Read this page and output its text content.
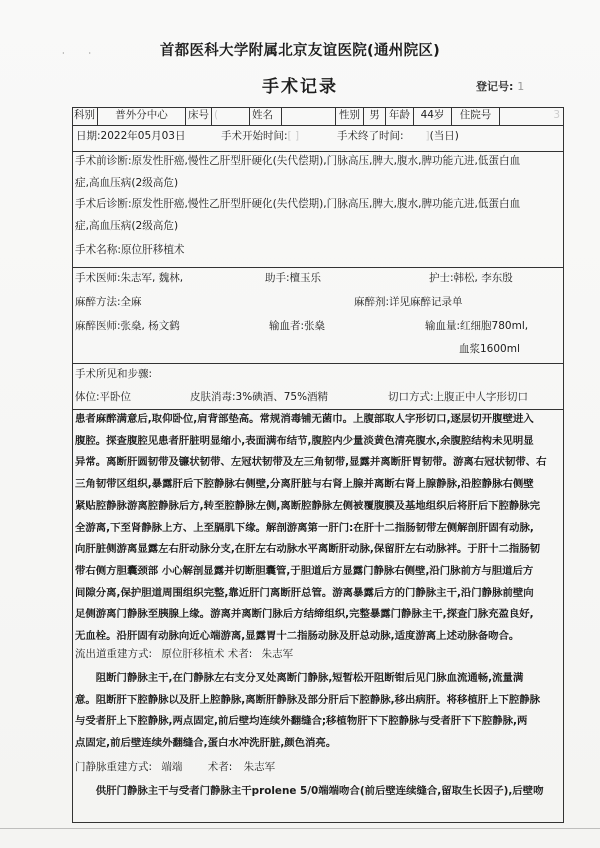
··	首都医科大学附属北京友谊医院(通州院区)
手术记录	登记号: 1
科别	普外分中心	床号 (	姓名	性别 男 年龄	44岁	住院号	3
日期:2022年05月03日	手术开始时间:[ ]	手术终了时间: ](当日)
手术前诊断:原发性肝癌,慢性乙肝型肝硬化(失代偿期),门脉高压,脾大,腹水,脾功能亢进,低蛋白血
症,高血压病(2级高危)
手术后诊断:原发性肝癌,慢性乙肝型肝硬化(失代偿期),门脉高压,脾大,腹水,脾功能亢进,低蛋白血
症,高血压病(2级高危)
手术名称:原位肝移植术
手术医师:朱志军, 魏林,	助手:檀玉乐	护士:韩松, 李东殷
麻醉方法:全麻	麻醉剂:详见麻醉记录单
麻醉医师:张燊, 杨文鹤	输血者:张燊	输血量:红细胞780ml,
血浆1600ml
手术所见和步骤:
体位:平卧位	皮肤消毒:3%碘酒、75%酒精	切口方式:上腹正中人字形切口
患者麻醉满意后,取仰卧位,肩背部垫高。常规消毒铺无菌巾。上腹部取人字形切口,逐层切开腹壁进入
腹腔。探查腹腔见患者肝脏明显缩小,表面满布结节,腹腔内少量淡黄色清亮腹水,余腹腔结构未见明显
异常。离断肝圆韧带及镰状韧带、左冠状韧带及左三角韧带,显露并离断肝胃韧带。游离右冠状韧带、右
三角韧带区组织,暴露肝后下腔静脉右侧壁,分离肝脏与右肾上腺并离断右肾上腺静脉,沿腔静脉右侧壁
紧贴腔静脉游离腔静脉后方,转至腔静脉左侧,离断腔静脉左侧被覆腹膜及基地组织后将肝后下腔静脉完
全游离,下至肾静脉上方、上至膈肌下缘。解剖游离第一肝门:在肝十二指肠韧带左侧解剖肝固有动脉,
向肝脏侧游离显露左右肝动脉分支,在肝左右动脉水平离断肝动脉,保留肝左右动脉袢。于肝十二指肠韧
带右侧方胆囊颈部 小心解剖显露并切断胆囊管,于胆道后方显露门静脉右侧壁,沿门脉前方与胆道后方
间隙分离,保护胆道周围组织完整,靠近肝门离断肝总管。游离暴露后方的门静脉主干,沿门静脉前壁向
足侧游离门静脉至胰腺上缘。游离并离断门脉后方结缔组织,完整暴露门静脉主干,探查门脉充盈良好,
无血栓。沿肝固有动脉向近心端游离,显露胃十二指肠动脉及肝总动脉,适度游离上述动脉备吻合。
流出道重建方式: 原位肝移植术 术者: 朱志军
　　阻断门静脉主干,在门静脉左右支分叉处离断门静脉,短暂松开阻断钳后见门脉血流通畅,流量满
意。阻断肝下腔静脉以及肝上腔静脉,离断肝静脉及部分肝后下腔静脉,移出病肝。将移植肝上下腔静脉
与受者肝上下腔静脉,两点固定,前后壁均连续外翻缝合;移植物肝下下腔静脉与受者肝下下腔静脉,两
点固定,前后壁连续外翻缝合,蛋白水冲洗肝脏,颜色消亮。
门静脉重建方式: 端端 术者: 朱志军
　　供肝门静脉主干与受者门静脉主干prolene 5/0端端吻合(前后壁连续缝合,留取生长因子),后壁吻
